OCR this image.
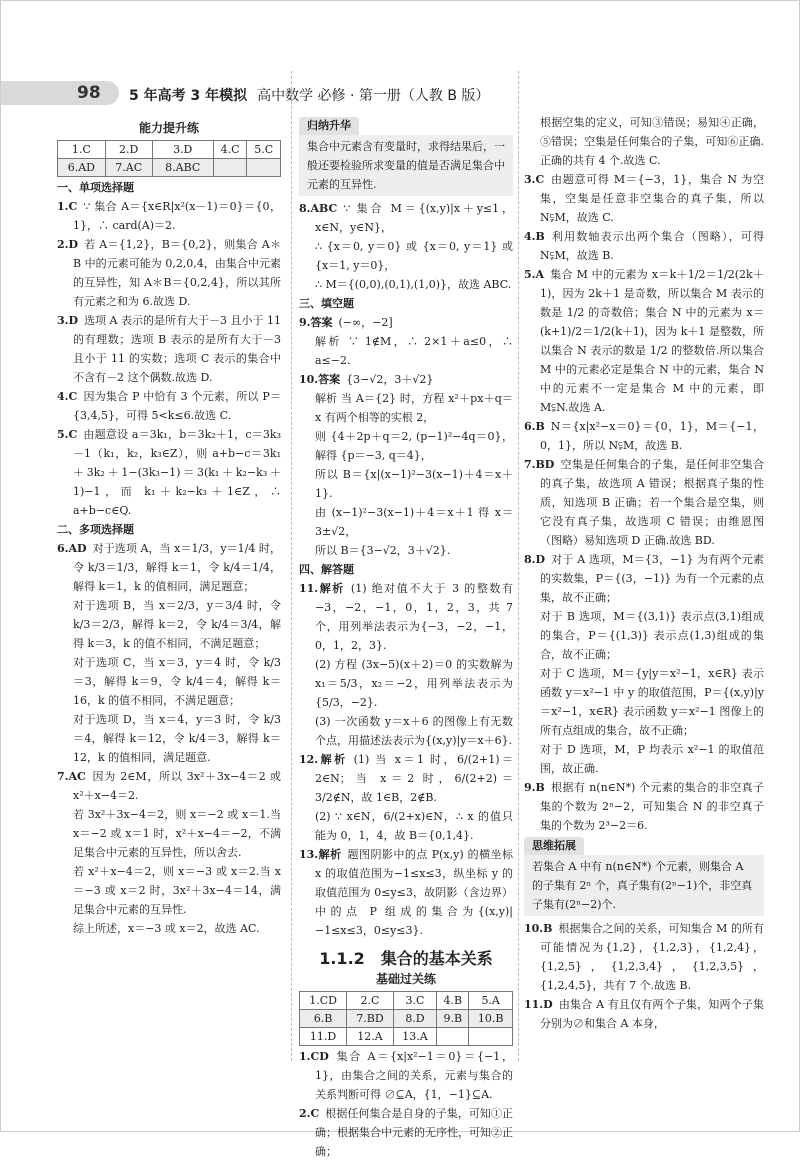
98 5 年高考 3 年模拟 高中数学 必修 · 第一册（人教 B 版）
能力提升练
1.C	2.D	3.D	4.C	5.C
6.AD	7.AC	8.ABC		
一、单项选择题

1.C ∵ 集合 A＝{x∈R|x²(x－1)＝0}＝{0，1}，∴ card(A)＝2.

2.D 若 A＝{1,2}，B＝{0,2}，则集合 A＊B 中的元素可能为 0,2,0,4，由集合中元素的互异性，知 A＊B＝{0,2,4}，所以其所有元素之和为 6.故选 D.

3.D 选项 A 表示的是所有大于－3 且小于 11 的有理数；选项 B 表示的是所有大于－3 且小于 11 的实数；选项 C 表示的集合中不含有－2 这个偶数.故选 D.

4.C 因为集合 P 中恰有 3 个元素，所以 P＝{3,4,5}，可得 5<k≤6.故选 C.

5.C 由题意设 a＝3k₁，b＝3k₂＋1，c＝3k₃－1（k₁，k₂，k₃∈Z），则 a+b−c＝3k₁＋3k₂＋1−(3k₃−1)＝3(k₁＋k₂−k₃＋1)−1，而 k₁＋k₂−k₃＋1∈Z，∴ a+b−c∈Q.

二、多项选择题

6.AD 对于选项 A，当 x＝1/3，y＝1/4 时，令 k/3＝1/3，解得 k＝1，令 k/4＝1/4，解得 k＝1，k 的值相同，满足题意；
对于选项 B，当 x＝2/3，y＝3/4 时，令 k/3＝2/3，解得 k＝2，令 k/4＝3/4，解得 k＝3，k 的值不相同，不满足题意；
对于选项 C，当 x＝3，y＝4 时，令 k/3＝3，解得 k＝9，令 k/4＝4，解得 k＝16，k 的值不相同，不满足题意；
对于选项 D，当 x＝4，y＝3 时，令 k/3＝4，解得 k＝12，令 k/4＝3，解得 k＝12，k 的值相同，满足题意.

7.AC 因为 2∈M，所以 3x²＋3x−4＝2 或 x²＋x−4＝2.
若 3x²＋3x−4＝2，则 x＝−2 或 x＝1.当 x＝−2 或 x＝1 时，x²＋x−4＝−2，不满足集合中元素的互异性，所以舍去.
若 x²＋x−4＝2，则 x＝−3 或 x＝2.当 x＝−3 或 x＝2 时，3x²＋3x−4＝14，满足集合中元素的互异性.
综上所述，x＝−3 或 x＝2，故选 AC.

归纳升华
集合中元素含有变量时，求得结果后，一般还要检验所求变量的值是否满足集合中元素的互异性.

8.ABC ∵ 集合 M＝{(x,y)|x＋y≤1，x∈N，y∈N}，
∴ {x＝0, y＝0} 或 {x＝0, y＝1} 或 {x＝1, y＝0}，
∴ M＝{(0,0),(0,1),(1,0)}，故选 ABC.

三、填空题

9.答案 (−∞，−2]
解析 ∵ 1∉M，∴ 2×1＋a≤0，∴ a≤−2.

10.答案 {3−√2，3＋√2}
解析 当 A＝{2} 时，方程 x²＋px＋q＝x 有两个相等的实根 2，
则 {4＋2p＋q＝2, (p−1)²−4q＝0}，解得 {p＝−3, q＝4}，
所以 B＝{x|(x−1)²−3(x−1)＋4＝x＋1}.
由 (x−1)²−3(x−1)＋4＝x＋1 得 x＝3±√2，
所以 B＝{3−√2，3＋√2}.

四、解答题

11.解析 (1) 绝对值不大于 3 的整数有−3，−2，−1，0，1，2，3，共 7 个，用列举法表示为{−3，−2，−1，0，1，2，3}.
(2) 方程 (3x−5)(x＋2)＝0 的实数解为 x₁＝5/3，x₂＝−2，用列举法表示为{5/3，−2}.
(3) 一次函数 y＝x＋6 的图像上有无数个点，用描述法表示为{(x,y)|y＝x＋6}.

12.解析 (1) 当 x＝1 时，6/(2+1)＝2∈N；当 x＝2 时，6/(2+2)＝3/2∉N，故 1∈B，2∉B.
(2) ∵ x∈N，6/(2+x)∈N，∴ x 的值只能为 0，1，4，故 B＝{0,1,4}.

13.解析 题图阴影中的点 P(x,y) 的横坐标 x 的取值范围为−1≤x≤3，纵坐标 y 的取值范围为 0≤y≤3，故阴影（含边界）中的点 P 组成的集合为{(x,y)|−1≤x≤3，0≤y≤3}.

1.1.2　集合的基本关系
基础过关练
1.CD	2.C	3.C	4.B	5.A
6.B	7.BD	8.D	9.B	10.B
11.D	12.A	13.A		

1.CD 集合 A＝{x|x²−1＝0}＝{−1，1}，由集合之间的关系，元素与集合的关系判断可得 ∅⊆A，{1，−1}⊆A.

2.C 根据任何集合是自身的子集，可知①正确；根据集合中元素的无序性，可知②正确；

根据空集的定义，可知③错误；易知④正确，⑤错误；空集是任何集合的子集，可知⑥正确.正确的共有 4 个.故选 C.

3.C 由题意可得 M＝{−3，1}，集合 N 为空集，空集是任意非空集合的真子集，所以 N⫋M，故选 C.

4.B 利用数轴表示出两个集合（图略），可得 N⫋M，故选 B.

5.A 集合 M 中的元素为 x＝k＋1/2＝1/2(2k＋1)，因为 2k＋1 是奇数，所以集合 M 表示的数是 1/2 的奇数倍；集合 N 中的元素为 x＝(k+1)/2＝1/2(k＋1)，因为 k＋1 是整数，所以集合 N 表示的数是 1/2 的整数倍.所以集合 M 中的元素必定是集合 N 中的元素，集合 N 中的元素不一定是集合 M 中的元素，即 M⫋N.故选 A.

6.B N＝{x|x²−x＝0}＝{0，1}，M＝{−1，0，1}，所以 N⫋M，故选 B.

7.BD 空集是任何集合的子集，是任何非空集合的真子集，故选项 A 错误；根据真子集的性质，知选项 B 正确；若一个集合是空集，则它没有真子集，故选项 C 错误；由维恩图（图略）易知选项 D 正确.故选 BD.

8.D 对于 A 选项，M＝{3，−1} 为有两个元素的实数集，P＝{(3，−1)} 为有一个元素的点集，故不正确；
对于 B 选项，M＝{(3,1)} 表示点(3,1)组成的集合，P＝{(1,3)} 表示点(1,3)组成的集合，故不正确；
对于 C 选项，M＝{y|y＝x²−1，x∈R} 表示函数 y＝x²−1 中 y 的取值范围，P＝{(x,y)|y＝x²−1，x∈R} 表示函数 y＝x²−1 图像上的所有点组成的集合，故不正确；
对于 D 选项，M，P 均表示 x²−1 的取值范围，故正确.

9.B 根据有 n(n∈N*) 个元素的集合的非空真子集的个数为 2ⁿ−2，可知集合 N 的非空真子集的个数为 2³−2＝6.

思维拓展
若集合 A 中有 n(n∈N*) 个元素，则集合 A 的子集有 2ⁿ 个，真子集有(2ⁿ−1)个，非空真子集有(2ⁿ−2)个.

10.B 根据集合之间的关系，可知集合 M 的所有可能情况为{1,2}，{1,2,3}，{1,2,4}，{1,2,5}，{1,2,3,4}，{1,2,3,5}，{1,2,4,5}，共有 7 个.故选 B.

11.D 由集合 A 有且仅有两个子集，知两个子集分别为∅和集合 A 本身，
